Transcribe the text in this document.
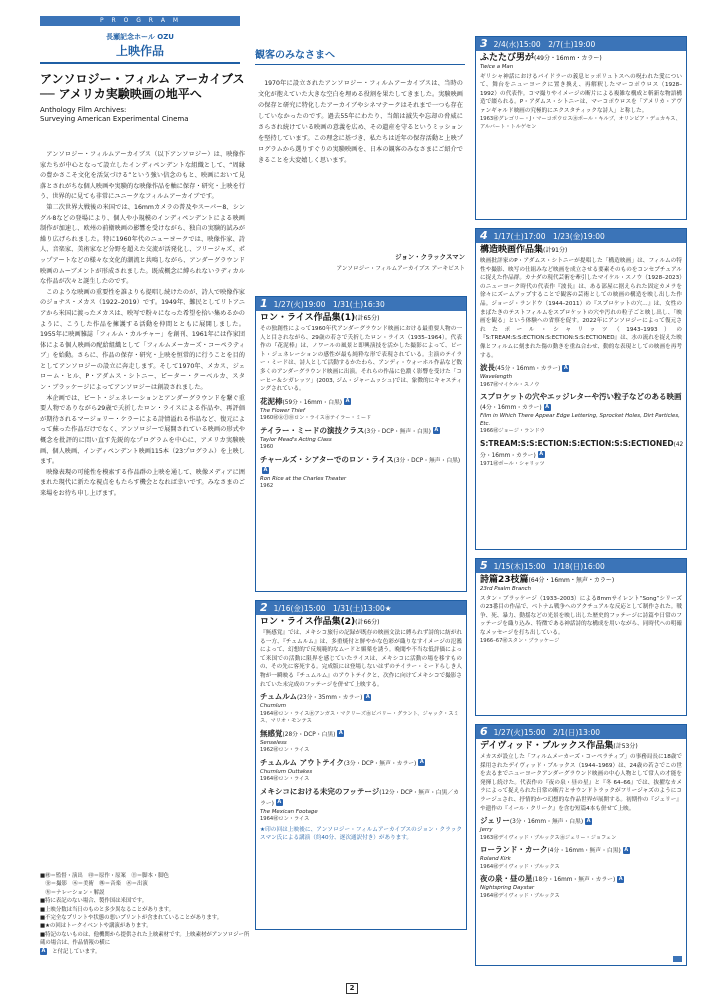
P R O G R A M
長瀬記念ホール OZU
上映作品
アンソロジー・フィルム アーカイブス
── アメリカ実験映画の地平へ
Anthology Film Archives:
Surveying American Experimental Cinema

アンソロジー・フィルムアーカイブス（以下アンソロジー）は、映像作家たちが中心となって設立したインディペンデントな組織として、“周縁の豊かさこそ文化を活気づける”という強い信念のもと、映画において見落とされがちな個人映画や実験的な映像作品を軸に保存・研究・上映を行う、世界的に見ても非常にユニークなフィルムアーカイブです。

第二次世界大戦後の米国では、16mmカメラの普及やスーパー8、シングル8などの登場により、個人や小規模のインディペンデントによる映画制作が加速し、欧州の前衛映画の影響を受けながら、独自の実験的試みが繰り広げられました。特に1960年代のニューヨークでは、映像作家、詩人、音楽家、美術家など分野を超えた交流が活発化し、フリージャズ、ポップアートなどの様々な文化的潮流と共鳴しながら、アンダーグラウンド映画のムーブメントが形成されました。既成概念に縛られないラディカルな作品が次々と誕生したのです。

このような映画の重要性を誰よりも提唱し続けたのが、詩人で映像作家のジョナス・メカス（1922–2019）です。1949年、難民としてリトアニアから米国に渡ったメカスは、映写で粉々になった希望を拾い集めるかのように、こうした作品を擁護する活動を仲間とともに展開しました。1955年に映画雑誌「フィルム・カルチャー」を創刊、1961年には作家団体による個人映画の配給組織として「フィルムメーカーズ・コーペラティブ」を始動。さらに、作品の保存・研究・上映を恒常的に行うことを目的としてアンソロジーの設立に奔走します。そして1970年、メカス、ジェローム・ヒル、P・アダムス・シトニー、ピーター・クーベルカ、スタン・ブラッケージによってアンソロジーは創設されました。

本企画では、ピート・ジェネレーションとアンダーグラウンドを繋ぐ重要人物でありながら29歳で夭折したロン・ライスによる作品や、再評価が期待されるマージョリー・ケラーによる詩情溢れる作品など、復元によって蘇った作品だけでなく、アンソロジーで展開されている映画の形式や概念を批評的に問い直す先鋭的なプログラムを中心に、アメリカ実験映画、個人映画、インディペンデント映画115本（23プログラム）を上映します。

映像表現の可能性を模索する作品群の上映を通して、映像メディアに囲まれた現代に新たな視点をもたらす機会となれば幸いです。みなさまのご来場をお待ち申し上げます。

■㊙＝監督・演出　㊞＝原作・原案　㊐＝脚本・脚色
　㊎＝撮影　㊍＝美術　㊑＝音楽　㊌＝出演
　㊒＝ナレーション・解説
■特に表記のない場合、製作国は米国です。
■上映分数は当日のものと多少異なることがあります。
■不完全なプリントや状態の悪いプリントが含まれていることがあります。
■★の回はトークイベントや講演があります。
■特記のないものは、他機関から提供された上映素材です。上映素材がアンソロジー所蔵の場合は、作品情報の横に
A　と付記しています。
観客のみなさまへ

1970年に設立されたアンソロジー・フィルムアーカイブスは、当時の文化が抱えていた大きな空白を埋める役割を果たしてきました。実験映画の保存と研究に特化したアーカイブやシネマテークはそれまで一つも存在していなかったのです。過去55年にわたり、当館は滅失や忘却の脅威にさらされ続けている映画の意義を広め、その遺産を守るというミッションを堅持しています。この理念に基づき、私たちは近年の保存活動と上映プログラムから選りすぐりの実験映画を、日本の観客のみなさまにご紹介できることを大変嬉しく思います。

ジョン・クラックスマン
アンソロジー・フィルムアーカイブス アーキビスト
1 1/27(火)19:00　1/31(土)16:30
ロン・ライス作品集(1)(計65分)
その独創性によって1960年代アンダーグラウンド映画における最重要人物の一人と目されながら、29歳の若さで夭折したロン・ライス（1935–1964）。代表作の『花泥棒』は、ノワールの風景と即興演技を活かした撮影によって、ビート・ジェネレーションの感性が最も純粋な形で表現されている。主演のテイラー・ミードは、詩人として活動するかたわら、アンディ・ウォーホル作品など数多くのアンダーグラウンド映画に出演。それらの作品に色濃く影響を受けた「コーヒー＆シガレッツ」(2003, ジム・ジャームッシュ)では、象徴的にキャスティングされている。
花泥棒(59分・16mm・白黒) A
The Flower Thief
1960㊙㊎㊐㊞ロン・ライス㊌テイラー・ミード
テイラー・ミードの演技クラス(3分・DCP・無声・白黒) A
Taylor Mead's Acting Class
1960
チャールズ・シアターでのロン・ライス(3分・DCP・無声・白黒)A
Ron Rice at the Charles Theater
1962
2 1/16(金)15:00　1/31(土)13:00★
ロン・ライス作品集(2)(計66分)
『無感覚』では、メキシコ旅行の記録が既存の映画文法に縛られず詩的に紡がれる一方、『チュムルム』は、多重焼付と鮮やかな色彩が織りなすイメージの氾濫によって、幻想的で反規範的なムードと媚薬を誘う。晩聞や不当な低評価によって米国での活動に限界を感じていたライスは、メキシコに活動の場を移すものの、その先に客死する。完成版には登場しないはずのテイラー・ミードらしき人物が一瞬映る『チュムルム』のアウトテイクと、次作に向けてメキシコで撮影されていた未完成のフッテージを併せて上映する。
チュムルム(23分・35mm・カラー) A
Chumlum
1964㊙ロン・ライス㊌アンガス・マクリーズ㊌ビバリー・グラント、ジャック・スミス、マリオ・モンテス
無感覚(28分・DCP・白黒) A
Senseless
1962㊙ロン・ライス
チュムルム アウトテイク(3分・DCP・無声・カラー) A
Chumlum Outtakes
1964㊙ロン・ライス
メキシコにおける未完のフッテージ(12分・DCP・無声・白黒／カラー) A
The Mexican Footage
1964㊙ロン・ライス
★印の回は上映後に、アンソロジー・フィルムアーカイブスのジョン・クラックスマン氏による講演（約40分、逐次通訳付き）があります。
3 2/4(水)15:00　2/7(土)19:00
ふたたび男が(49分・16mm・カラー)
Twice a Man
ギリシャ神話におけるパイドラーの義息ヒッポリュトスへの呪われた愛について、舞台をニューヨークに置き換え、再解釈したマーコポウロス（1928–1992）の代表作。コマ撮りやイメージの断片による複雑な構成と斬新な物語構造で綴られる。P・アダムス・シトニーは、マーコポウロスを「アメリカ・アヴァンギャルド映画の究極的にエクスタティックな詩人」と称した。
1963㊙グレゴリー・J・マーコポウロス㊌ポール・キルブ、オリンピア・デュカキス、アルバート・トルゲセン
4 1/17(土)17:00　1/23(金)19:00
構造映画作品集(計91分)
映画批評家のP・アダムス・シトニーが提唱した「構造映画」は、フィルムの特性や撮影、映写の仕組みなど映画を成立させる要素そのものをコンセプチュアルに捉えた作品群。カナダの現代芸術を牽引したマイケル・スノウ（1928–2023）のニューヨーク時代の代表作『波長』は、ある部屋に据えられた固定カメラを徐々にズームアップすることで観客の芸術としての映画の構造を映し出した作品。ジョージ・ランドウ（1944–2011）の『スプロケットの穴…』は、女性のまばたきのテストフィルムをスプロケットの穴や汚れの粒子ごと映し出し、「映画を観る」という体験への省察を促す。2022年にアンソロジーによって復元されたポール・シャリッツ（1943–1993）の『S:TREAM:S:S:ECTION:S:ECTION:S:S:ECTIONED』は、水の流れを捉えた映像とフィルムに刻まれた傷の動きを重ね合わせ、動的な表現としての映画を再考する。
波長(45分・16mm・カラー) A
Wavelength
1967㊙マイケル・スノウ
スプロケットの穴やエッジレターや汚い粒子などのある映画(4分・16mm・カラー) A
Film in Which There Appear Edge Lettering, Sprocket Holes, Dirt Particles, Etc.
1966㊙ジョージ・ランドウ
S:TREAM:S:S:ECTION:S:ECTION:S:S:ECTIONED(42分・16mm・カラー) A
1971㊙ポール・シャリッツ
5 1/15(木)15:00　1/18(日)16:00
詩篇23枝篇(64分・16mm・無声・カラー)
23rd Psalm Branch
スタン・ブラッケージ（1933–2003）による8mmサイレント“Song”シリーズの23番目の作品で、ベトナム戦争へのアクチュアルな反応として制作された。戦争、死、暴力、動揺などの光景を映し出した歴史的フッテージに詩篇や日常のフッテージを織り込み、特徴である神話詩的な構成を用いながら、同時代への明確なメッセージを打ち出している。
1966–67㊙スタン・ブラッケージ
6 1/27(火)15:00　2/1(日)13:00
デイヴィッド・ブルックス作品集(計53分)
メカスが設立した「フィルムメーカーズ・コーペラティブ」の事務局長に18歳で採用されたデイヴィッド・ブルックス（1944–1969）は、24歳の若さでこの世を去るまでニューヨークアンダーグラウンド映画の中心人物として常人の才能を発揮し続けた。代表作の『夜の泉・昼の星』と『冬 64–66』では、抜擢なカメラによって捉えられた日常の断片とサウンドトラックがフリージャズのようにコラージュされ、抒情的かつ幻想的な作品世界が展開する。初期作の『ジェリー』や遺作の『イール・クリーク』を含む短篇4本も併せて上映。
ジェリー(3分・16mm・無声・白黒) A
Jerry
1963㊙デイヴィッド・ブルックス㊌ジェリー・ジョフェン
ローランド・カーク(4分・16mm・無声・白黒) A
Roland Kirk
1964㊙デイヴィッド・ブルックス
夜の泉・昼の星(18分・16mm・無声・カラー) A
Nightspring Daystar
1964㊙デイヴィッド・ブルックス
2
